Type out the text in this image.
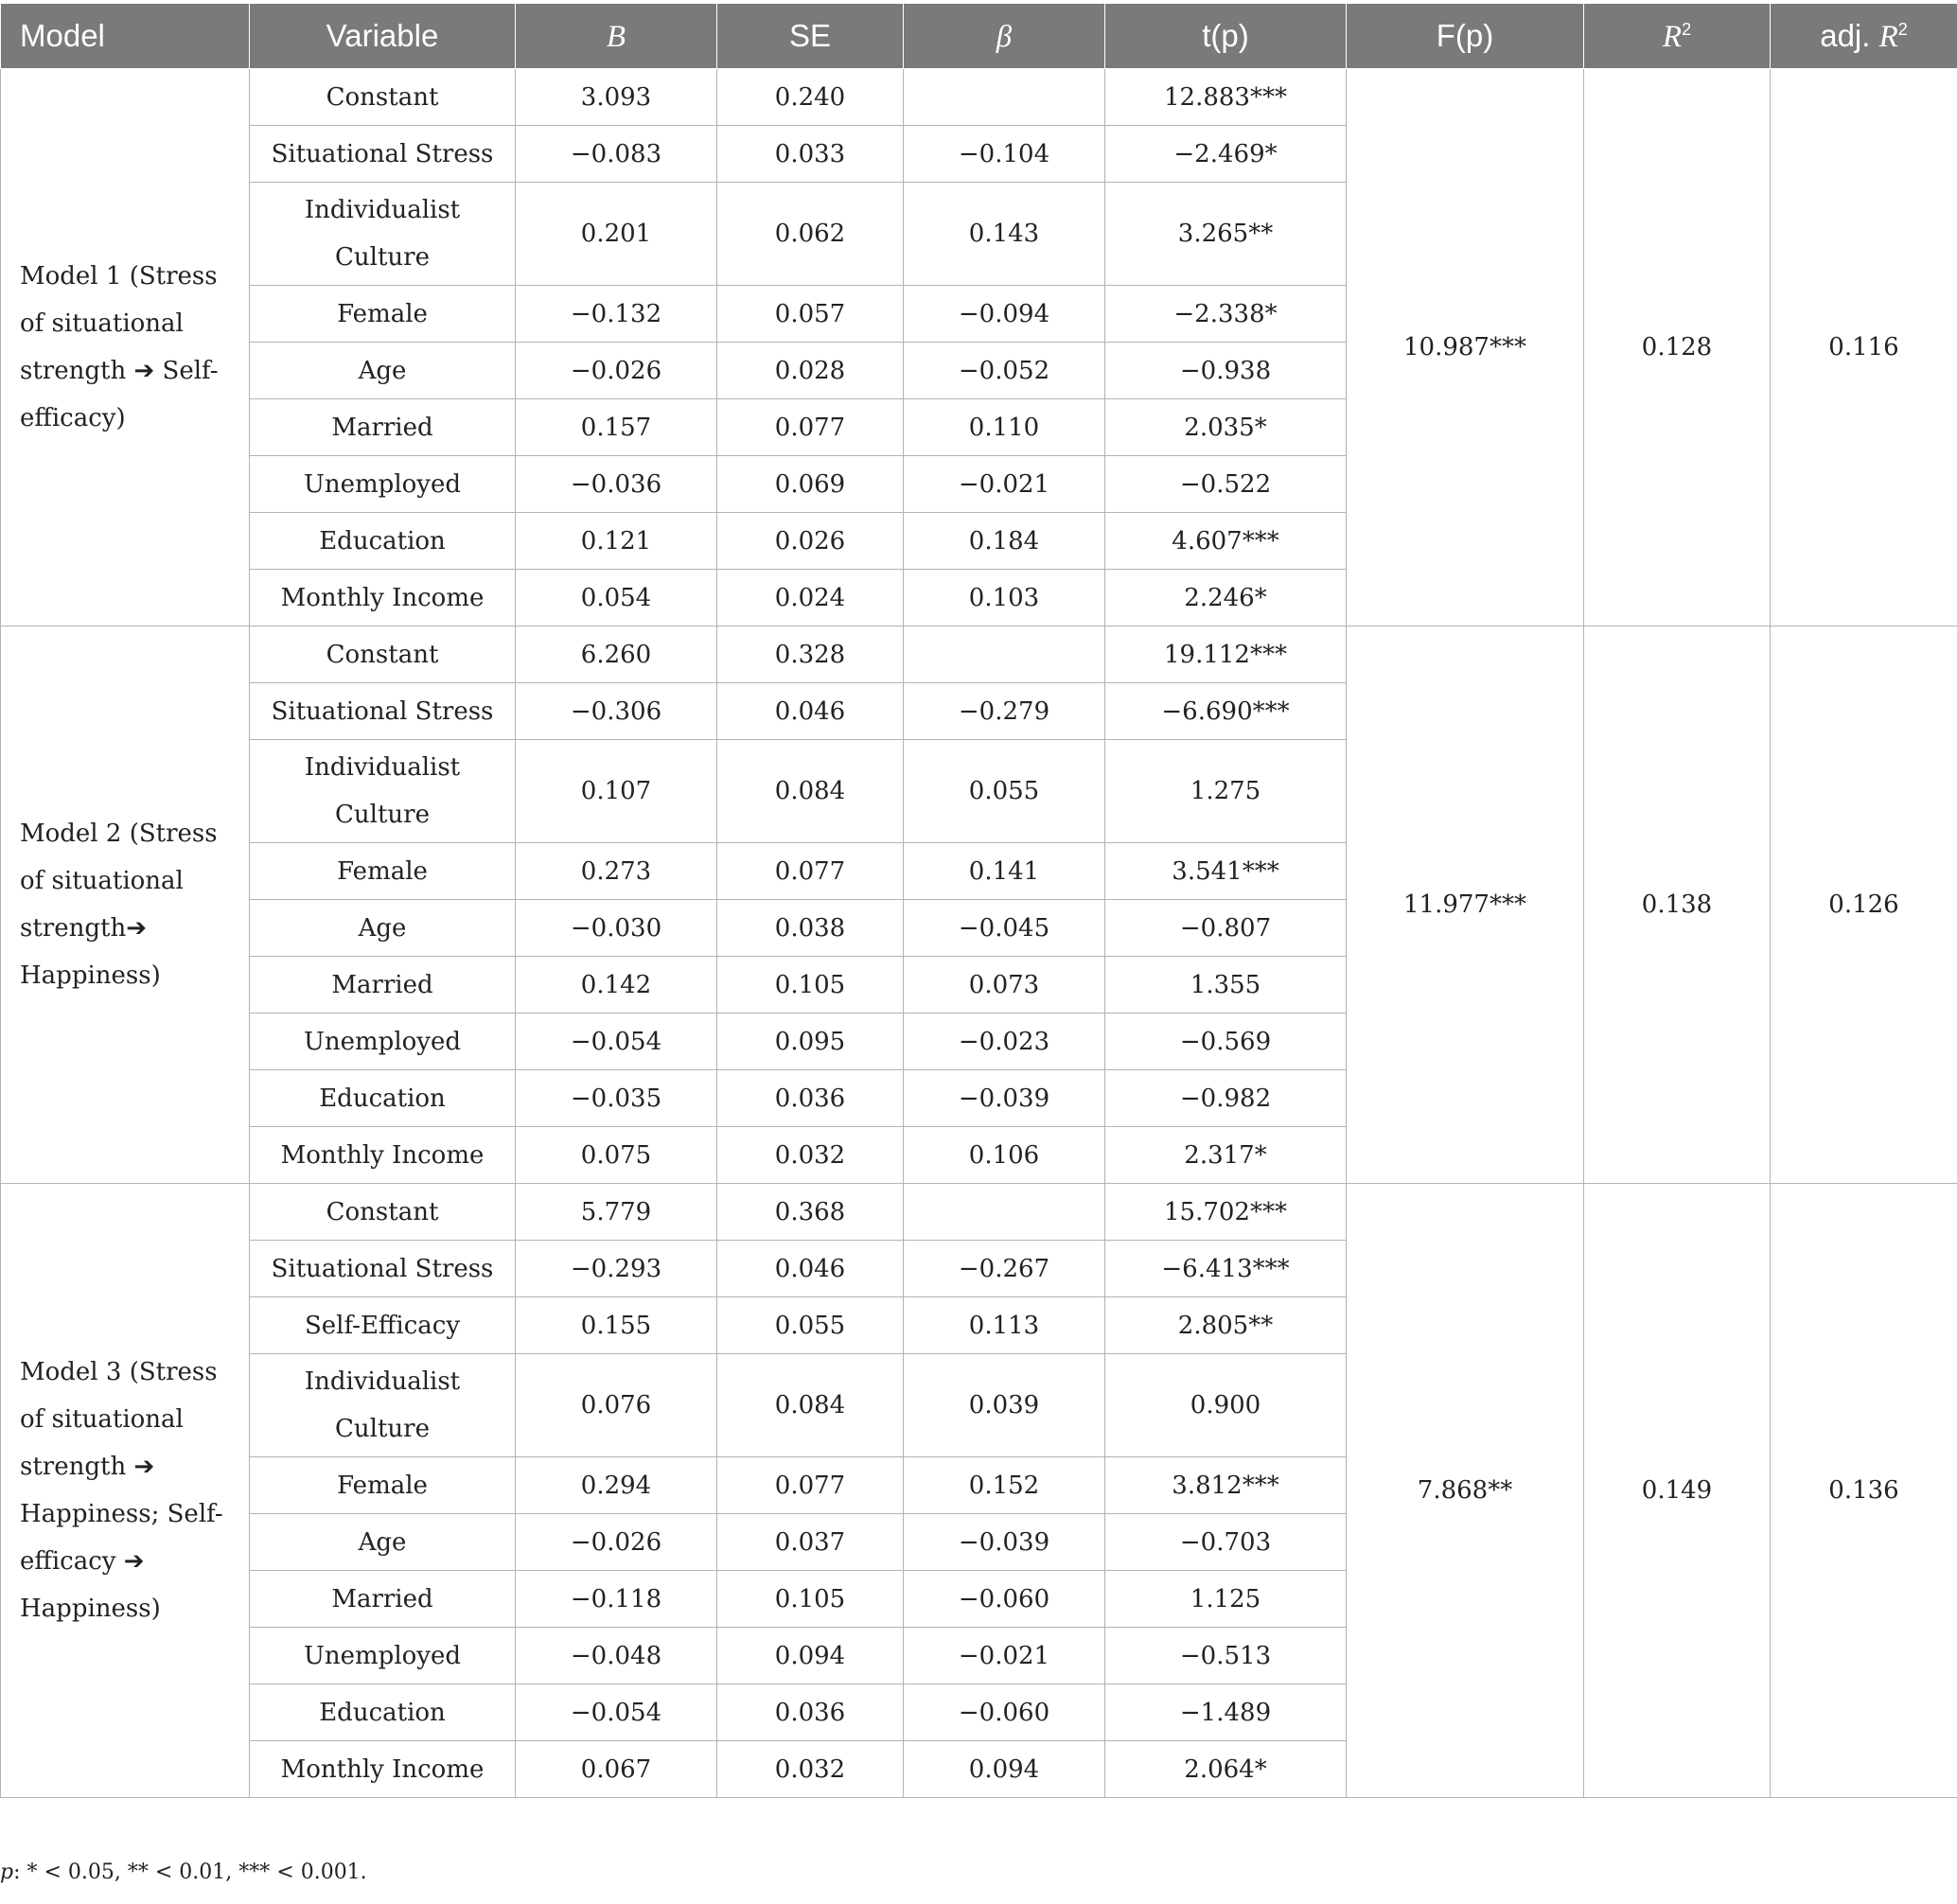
Model	Variable	B	SE	β	t(p)	F(p)	$R^2$	adj. $R^2$
Model 1 (Stress of situational strength ➔ Self-efficacy)	Constant	3.093	0.240		12.883***	10.987***	0.128	0.116
	Situational Stress	−0.083	0.033	−0.104	−2.469*			
	Individualist Culture	0.201	0.062	0.143	3.265**			
	Female	−0.132	0.057	−0.094	−2.338*			
	Age	−0.026	0.028	−0.052	−0.938			
	Married	0.157	0.077	0.110	2.035*			
	Unemployed	−0.036	0.069	−0.021	−0.522			
	Education	0.121	0.026	0.184	4.607***			
	Monthly Income	0.054	0.024	0.103	2.246*			
Model 2 (Stress of situational strength➔ Happiness)	Constant	6.260	0.328		19.112***	11.977***	0.138	0.126
	Situational Stress	−0.306	0.046	−0.279	−6.690***			
	Individualist Culture	0.107	0.084	0.055	1.275			
	Female	0.273	0.077	0.141	3.541***			
	Age	−0.030	0.038	−0.045	−0.807			
	Married	0.142	0.105	0.073	1.355			
	Unemployed	−0.054	0.095	−0.023	−0.569			
	Education	−0.035	0.036	−0.039	−0.982			
	Monthly Income	0.075	0.032	0.106	2.317*			
Model 3 (Stress of situational strength ➔ Happiness; Self-efficacy ➔ Happiness)	Constant	5.779	0.368		15.702***	7.868**	0.149	0.136
	Situational Stress	−0.293	0.046	−0.267	−6.413***			
	Self-Efficacy	0.155	0.055	0.113	2.805**			
	Individualist Culture	0.076	0.084	0.039	0.900			
	Female	0.294	0.077	0.152	3.812***			
	Age	−0.026	0.037	−0.039	−0.703			
	Married	−0.118	0.105	−0.060	1.125			
	Unemployed	−0.048	0.094	−0.021	−0.513			
	Education	−0.054	0.036	−0.060	−1.489			
	Monthly Income	0.067	0.032	0.094	2.064*			
p: * < 0.05, ** < 0.01, *** < 0.001.
